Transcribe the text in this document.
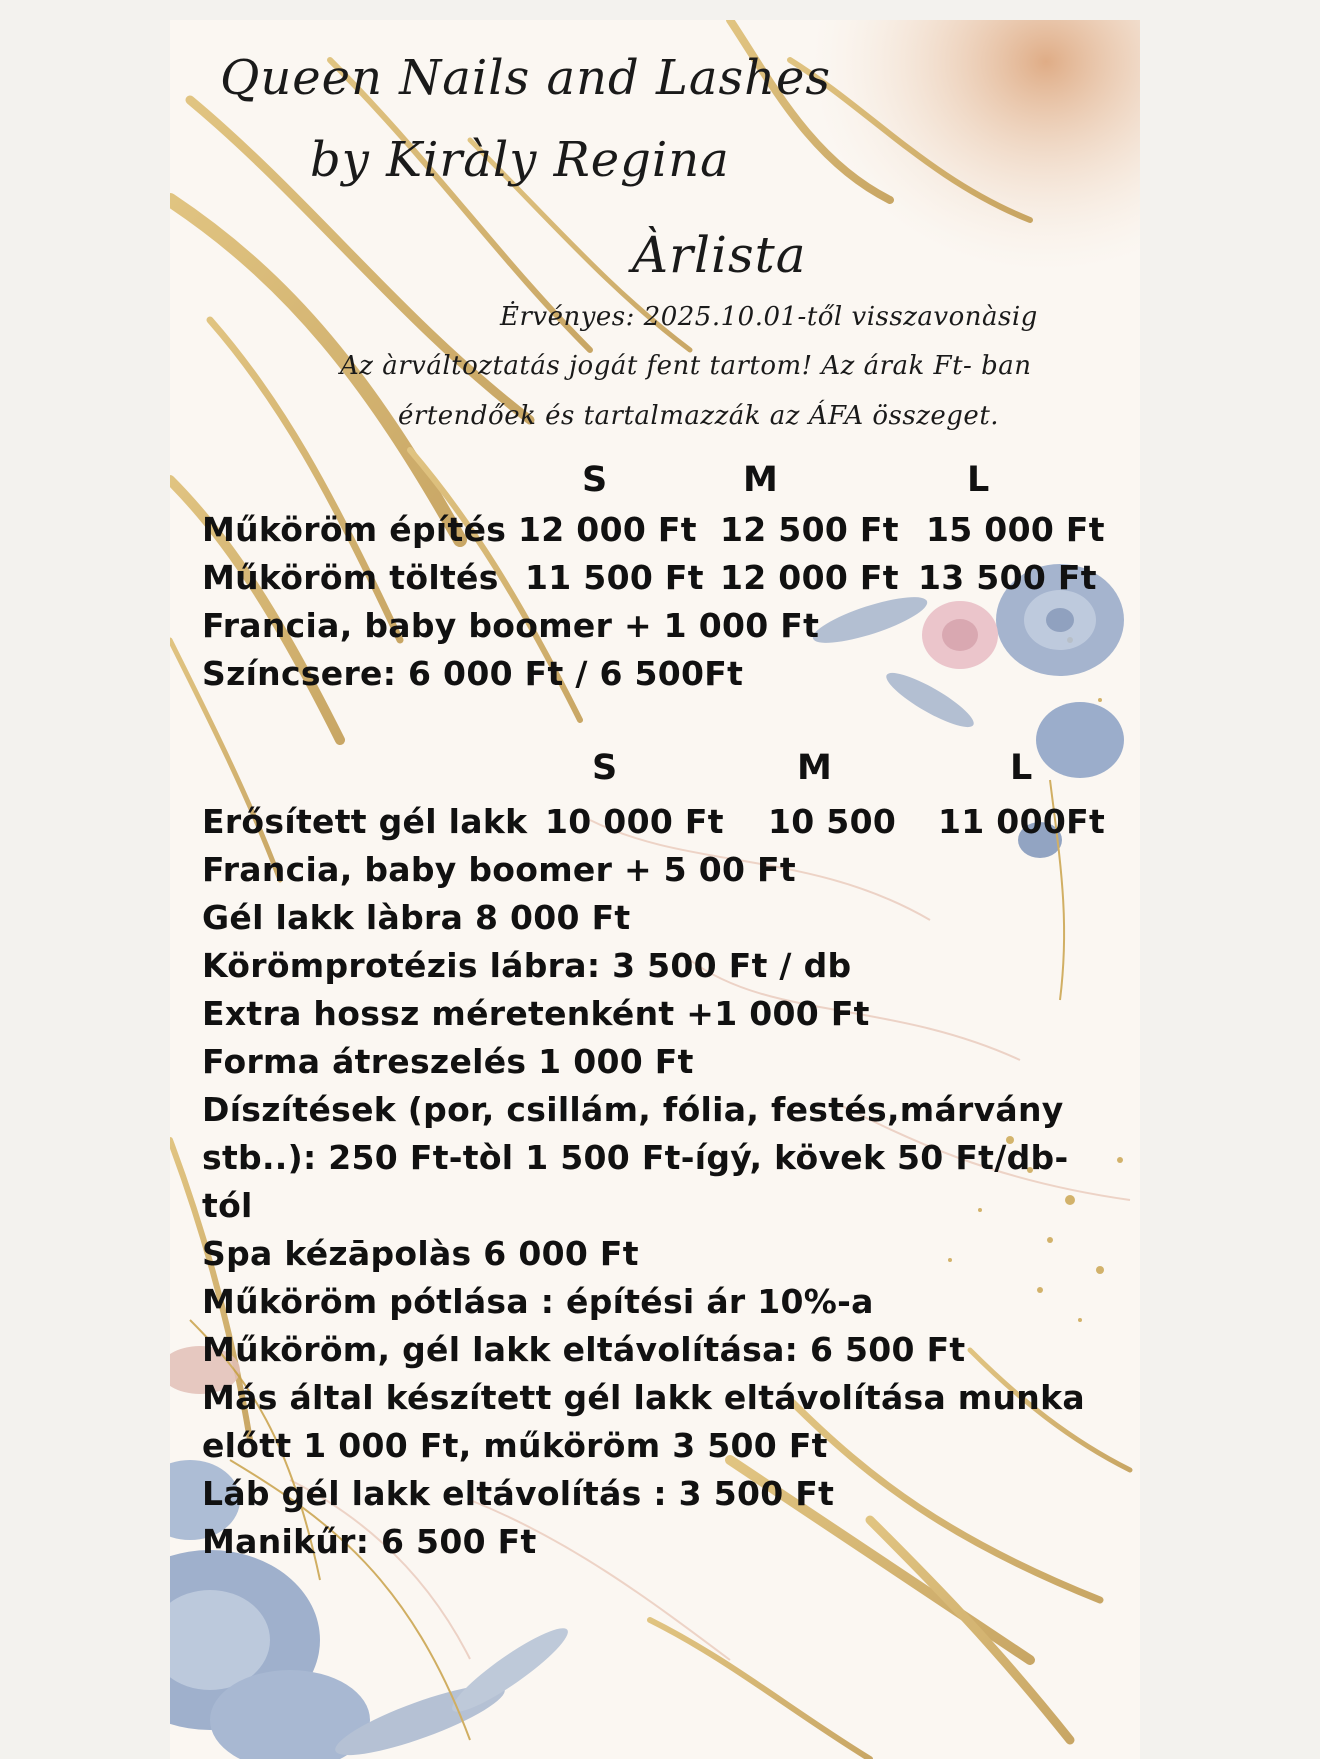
Queen Nails and Lashes
by Kiràly Regina
Àrlista
Ėrvényes: 2025.10.01-től visszavonàsig
Az àrváltoztatás jogát fent tartom! Az árak Ft- ban
értendőek és tartalmazzák az ÁFA összeget.
S	M	L
Műköröm építés 12 000 Ft 12 500 Ft 15 000 Ft
Műköröm töltés 11 500 Ft 12 000 Ft 13 500 Ft
Francia, baby boomer + 1 000 Ft
Színcsere: 6 000 Ft / 6 500Ft
S	M	L
Erősített gél lakk 10 000 Ft 10 500 11 000Ft
Francia, baby boomer + 5 00 Ft
Gél lakk làbra 8 000 Ft
Körömprotézis lábra: 3 500 Ft / db
Extra hossz méretenként +1 000 Ft
Forma átreszelés 1 000 Ft
Díszítések (por, csillám, fólia, festés,márvány
stb..): 250 Ft-tòl 1 500 Ft-ígý, kövek 50 Ft/db-
tól
Spa kézāpolàs 6 000 Ft
Műköröm pótlása : építési ár 10%-a
Műköröm, gél lakk eltávolítása: 6 500 Ft
Más által készített gél lakk eltávolítása munka
előtt 1 000 Ft, műköröm 3 500 Ft
Láb gél lakk eltávolítás : 3 500 Ft
Manikűr: 6 500 Ft
